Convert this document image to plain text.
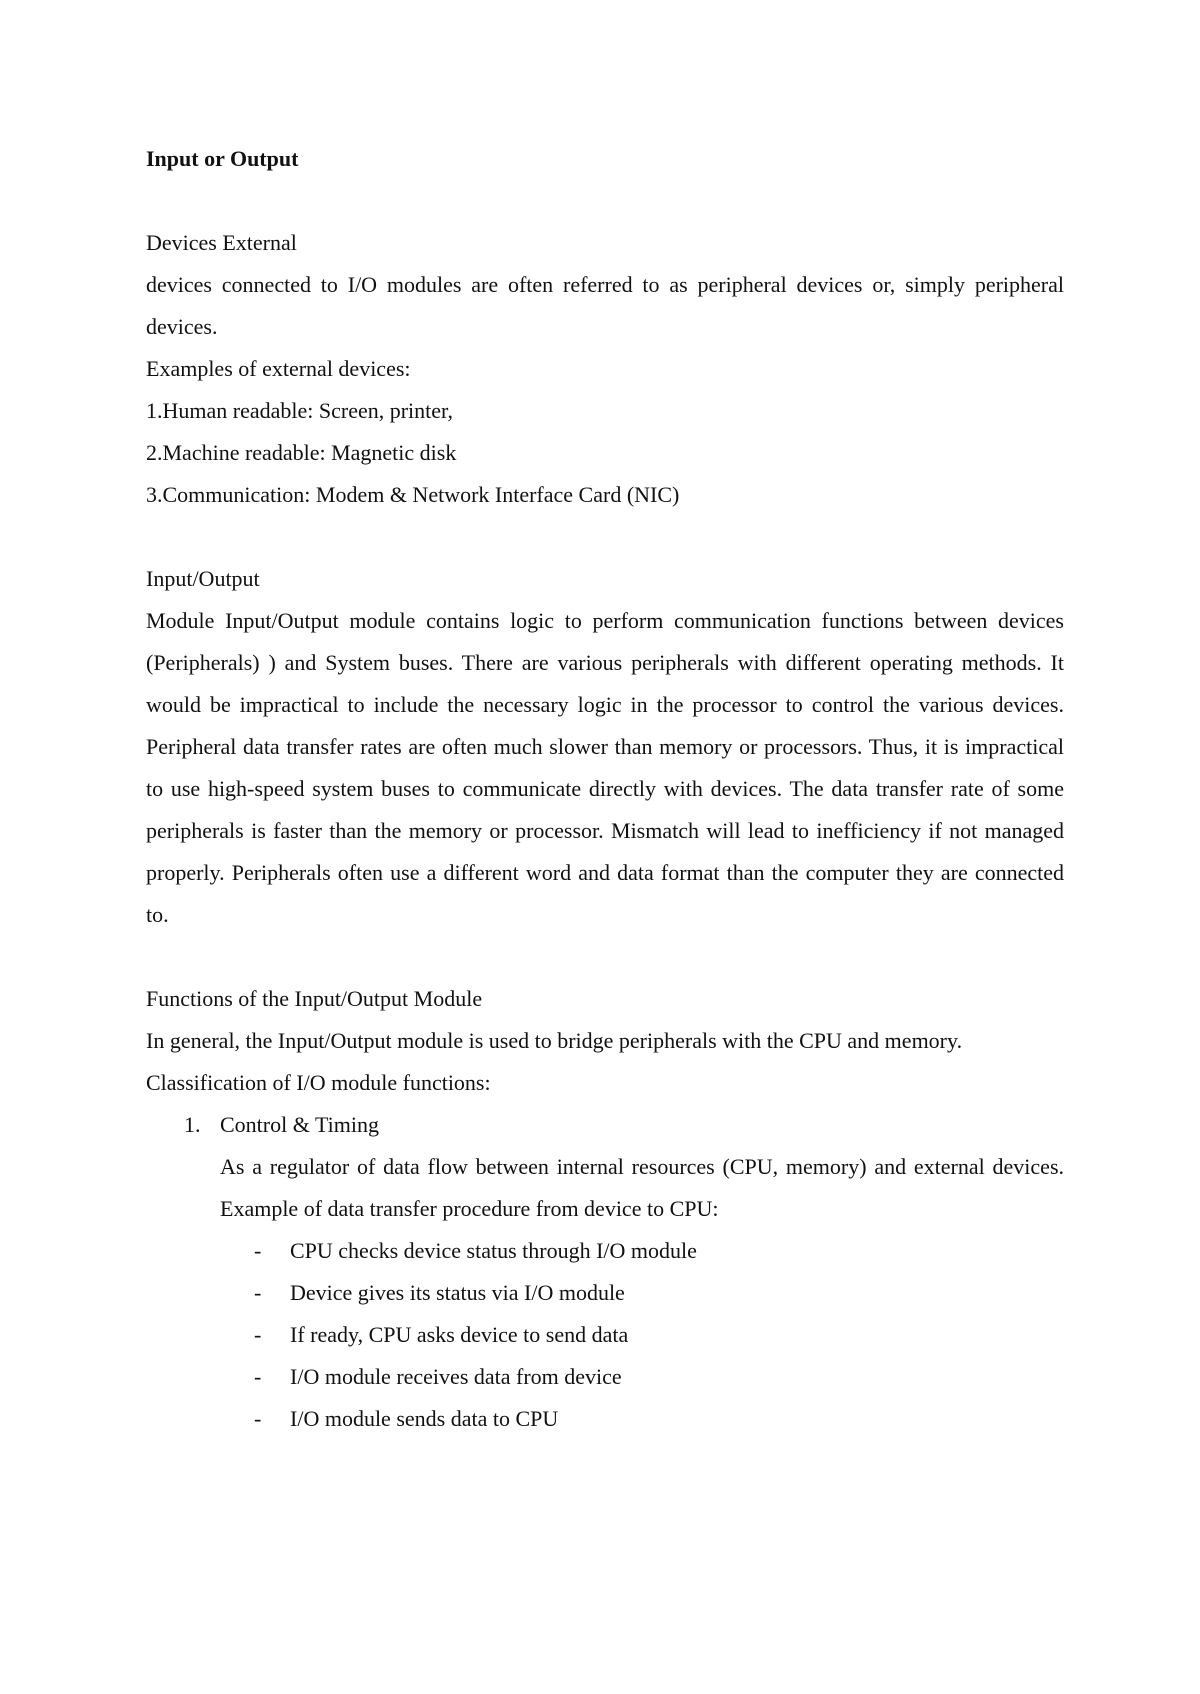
Input or Output

Devices External

devices connected to I/O modules are often referred to as peripheral devices or, simply peripheral devices.

Examples of external devices:

1.Human readable: Screen, printer,

2.Machine readable: Magnetic disk

3.Communication: Modem & Network Interface Card (NIC)

Input/Output

Module Input/Output module contains logic to perform communication functions between devices (Peripherals) ) and System buses. There are various peripherals with different operating methods. It would be impractical to include the necessary logic in the processor to control the various devices. Peripheral data transfer rates are often much slower than memory or processors. Thus, it is impractical to use high-speed system buses to communicate directly with devices. The data transfer rate of some peripherals is faster than the memory or processor. Mismatch will lead to inefficiency if not managed properly. Peripherals often use a different word and data format than the computer they are connected to.

Functions of the Input/Output Module

In general, the Input/Output module is used to bridge peripherals with the CPU and memory.

Classification of I/O module functions:

1. Control & Timing

As a regulator of data flow between internal resources (CPU, memory) and external devices. Example of data transfer procedure from device to CPU:

-	CPU checks device status through I/O module
-	Device gives its status via I/O module
-	If ready, CPU asks device to send data
-	I/O module receives data from device
-	I/O module sends data to CPU
